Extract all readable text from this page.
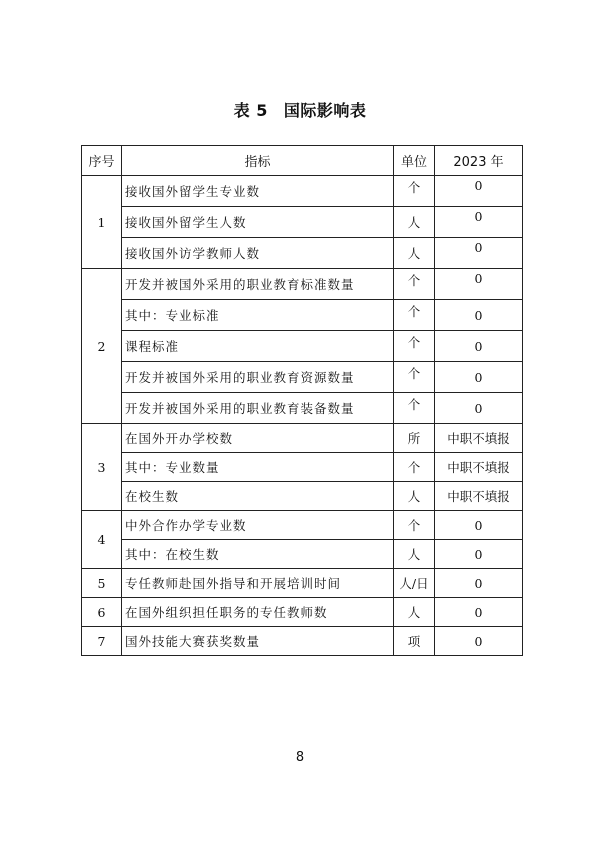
表 5 国际影响表
序号	指标	单位	2023 年
1	接收国外留学生专业数	个	0
	接收国外留学生人数	人	0
	接收国外访学教师人数	人	0
2	开发并被国外采用的职业教育标准数量	个	0
	其中：专业标准	个	0
	课程标准	个	0
	开发并被国外采用的职业教育资源数量	个	0
	开发并被国外采用的职业教育装备数量	个	0
3	在国外开办学校数	所	中职不填报
	其中：专业数量	个	中职不填报
	在校生数	人	中职不填报
4	中外合作办学专业数	个	0
	其中：在校生数	人	0
5	专任教师赴国外指导和开展培训时间	人/日	0
6	在国外组织担任职务的专任教师数	人	0
7	国外技能大赛获奖数量	项	0
8
